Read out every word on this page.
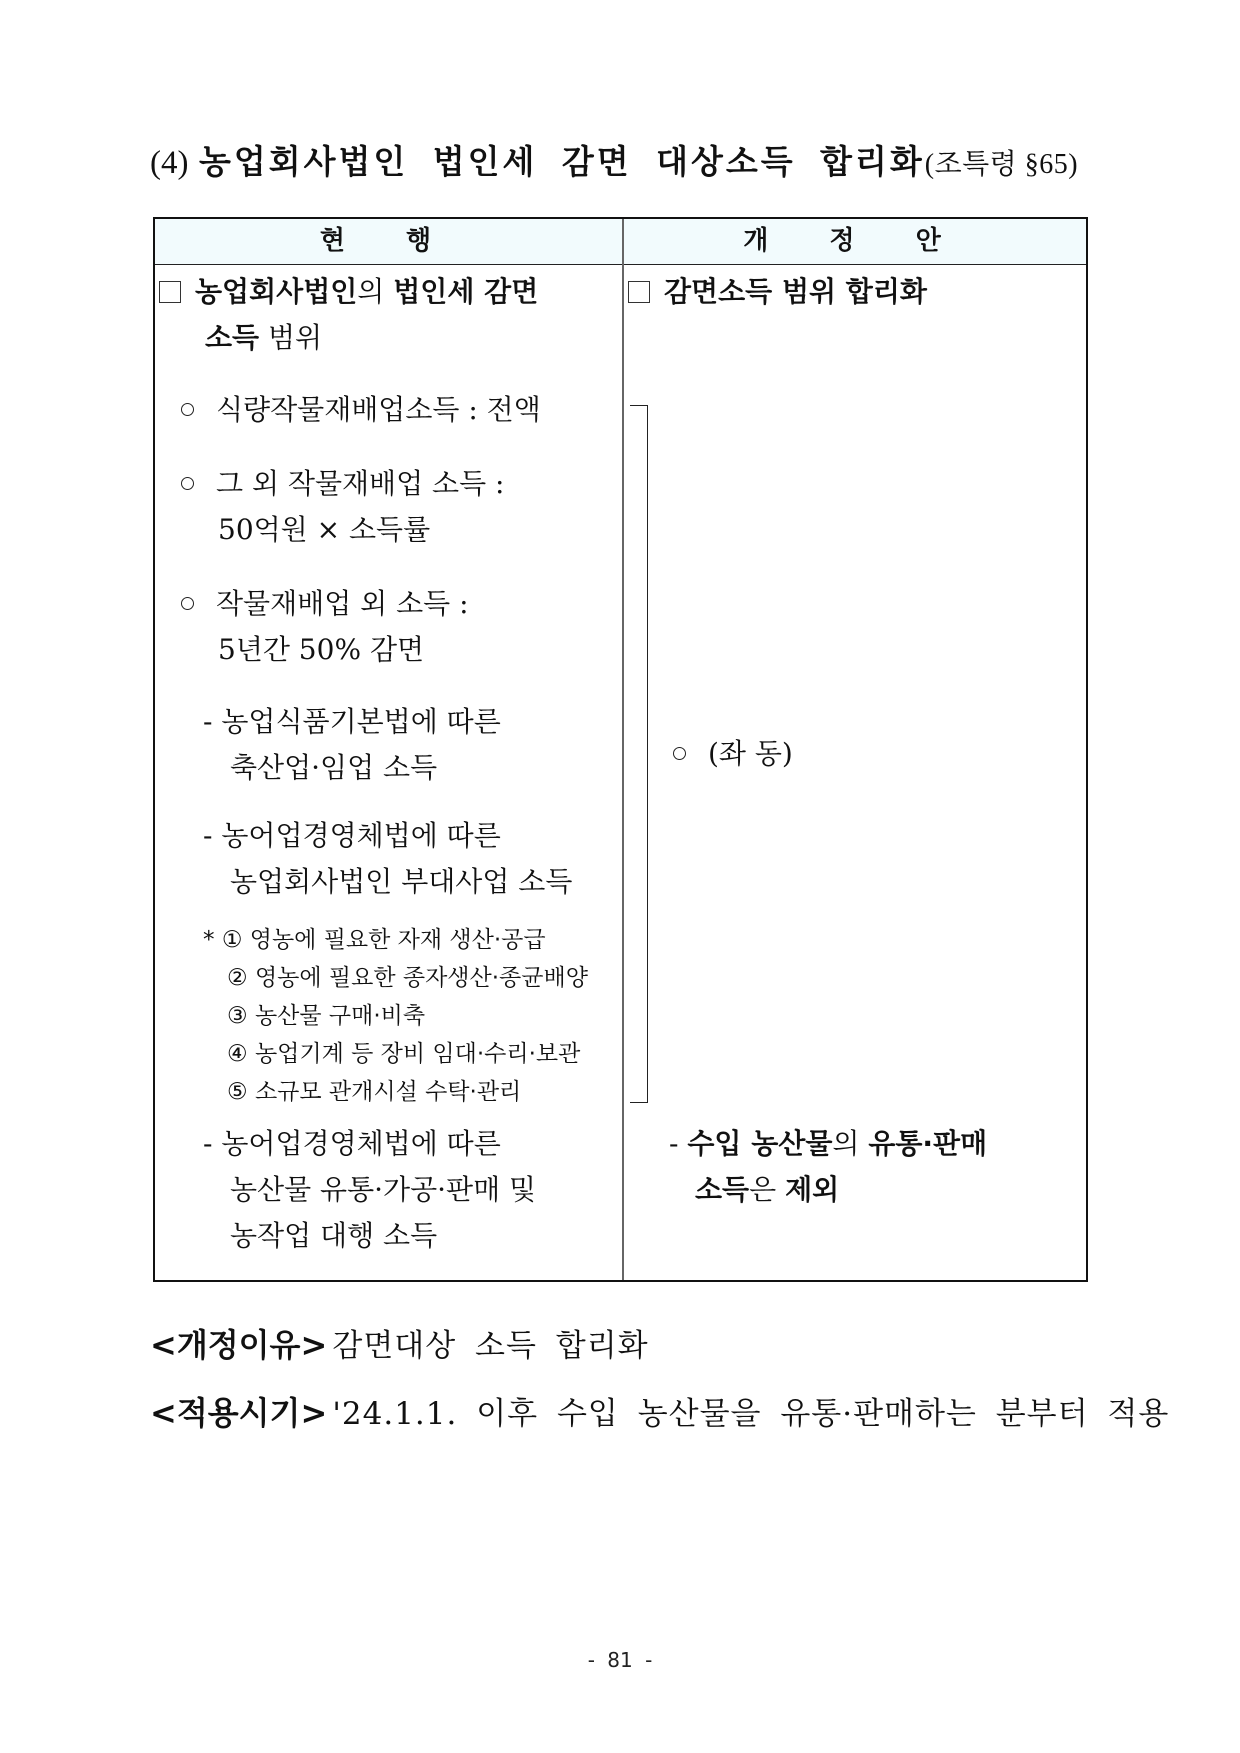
(4) 농업회사법인 법인세 감면 대상소득 합리화(조특령 §65)
현 행	개 정 안
농업회사법인의 법인세 감면
소득 범위
식량작물재배업소득 : 전액
그 외 작물재배업 소득 :
50억원 × 소득률
작물재배업 외 소득 :
5년간 50% 감면
- 농업식품기본법에 따른
축산업·임업 소득
- 농어업경영체법에 따른
농업회사법인 부대사업 소득
* ① 영농에 필요한 자재 생산·공급
② 영농에 필요한 종자생산·종균배양
③ 농산물 구매·비축
④ 농업기계 등 장비 임대·수리·보관
⑤ 소규모 관개시설 수탁·관리
- 농어업경영체법에 따른
농산물 유통·가공·판매 및
농작업 대행 소득
감면소득 범위 합리화
(좌 동)
- 수입 농산물의 유통·판매
소득은 제외
<개정이유> 감면대상 소득 합리화
<적용시기> '24.1.1. 이후 수입 농산물을 유통·판매하는 분부터 적용
- 81 -
